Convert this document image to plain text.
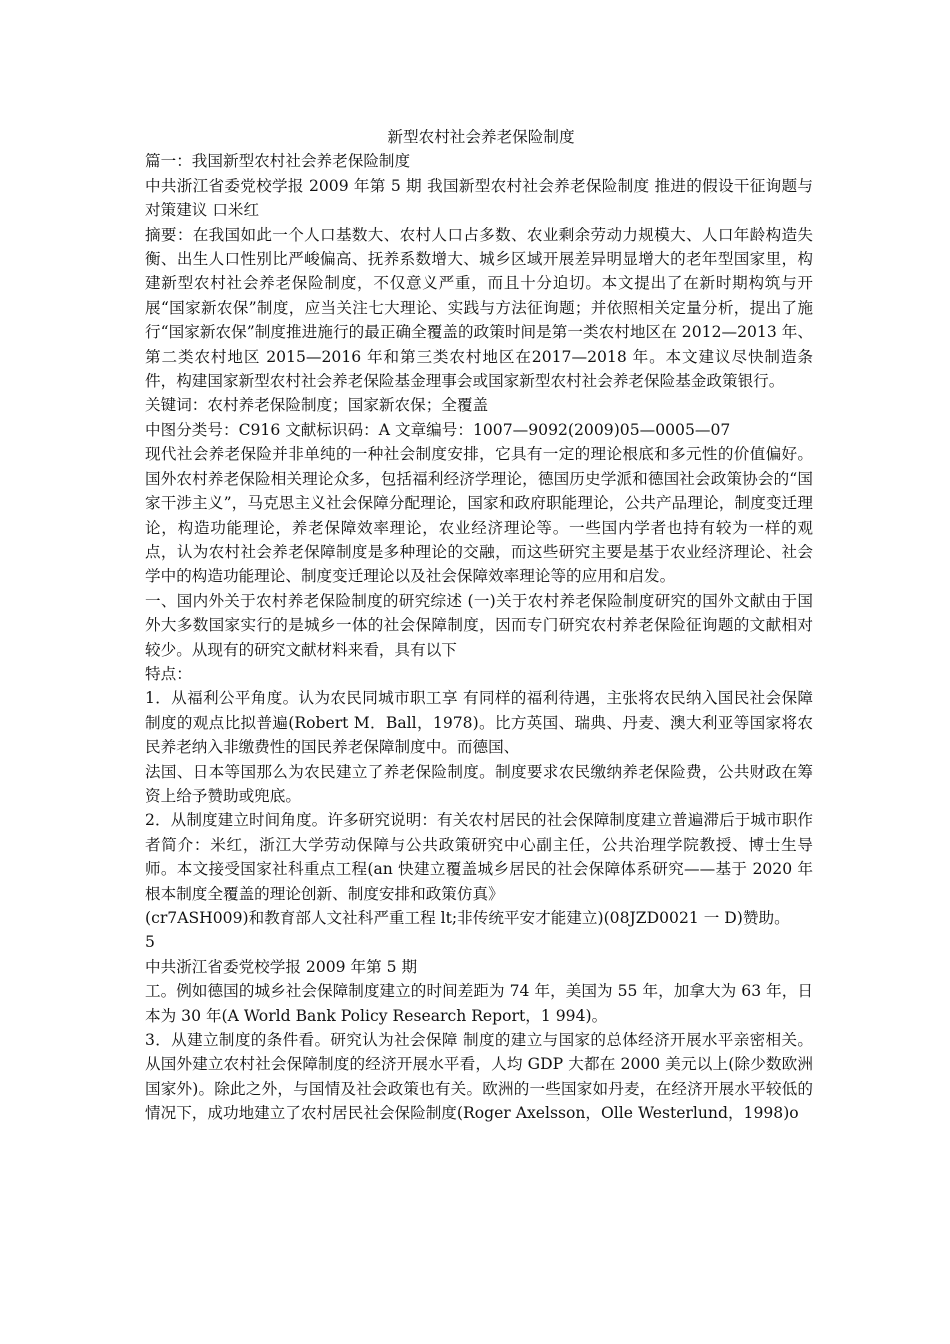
新型农村社会养老保险制度

篇一：我国新型农村社会养老保险制度

中共浙江省委党校学报 2009 年第 5 期 我国新型农村社会养老保险制度 推进的假设干征询题与对策建议 口米红

摘要：在我国如此一个人口基数大、农村人口占多数、农业剩余劳动力规模大、人口年龄构造失衡、出生人口性别比严峻偏高、抚养系数增大、城乡区域开展差异明显增大的老年型国家里，构建新型农村社会养老保险制度，不仅意义严重，而且十分迫切。本文提出了在新时期构筑与开展“国家新农保”制度，应当关注七大理论、实践与方法征询题；并依照相关定量分析，提出了施行“国家新农保”制度推进施行的最正确全覆盖的政策时间是第一类农村地区在 2012—2013 年、第二类农村地区 2015—2016 年和第三类农村地区在2017—2018 年。本文建议尽快制造条件，构建国家新型农村社会养老保险基金理事会或国家新型农村社会养老保险基金政策银行。

关键词：农村养老保险制度；国家新农保；全覆盖

中图分类号：C916 文献标识码：A 文章编号：1007—9092(2009)05—0005—07

现代社会养老保险并非单纯的一种社会制度安排，它具有一定的理论根底和多元性的价值偏好。国外农村养老保险相关理论众多，包括福利经济学理论，德国历史学派和德国社会政策协会的“国家干涉主义”，马克思主义社会保障分配理论，国家和政府职能理论，公共产品理论，制度变迁理论，构造功能理论，养老保障效率理论，农业经济理论等。一些国内学者也持有较为一样的观点，认为农村社会养老保障制度是多种理论的交融，而这些研究主要是基于农业经济理论、社会学中的构造功能理论、制度变迁理论以及社会保障效率理论等的应用和启发。

一、国内外关于农村养老保险制度的研究综述 (一)关于农村养老保险制度研究的国外文献由于国外大多数国家实行的是城乡一体的社会保障制度，因而专门研究农村养老保险征询题的文献相对较少。从现有的研究文献材料来看，具有以下

特点：

1．从福利公平角度。认为农民同城市职工享 有同样的福利待遇，主张将农民纳入国民社会保障制度的观点比拟普遍(Robert M．Ball，1978)。比方英国、瑞典、丹麦、澳大利亚等国家将农民养老纳入非缴费性的国民养老保障制度中。而德国、

法国、日本等国那么为农民建立了养老保险制度。制度要求农民缴纳养老保险费，公共财政在筹资上给予赞助或兜底。

2．从制度建立时间角度。许多研究说明：有关农村居民的社会保障制度建立普遍滞后于城市职作者简介：米红，浙江大学劳动保障与公共政策研究中心副主任，公共治理学院教授、博士生导师。本文接受国家社科重点工程(an 快建立覆盖城乡居民的社会保障体系研究——基于 2020 年根本制度全覆盖的理论创新、制度安排和政策仿真》

(cr7ASH009)和教育部人文社科严重工程 lt;非传统平安才能建立)(08JZD0021 一 D)赞助。

5

中共浙江省委党校学报 2009 年第 5 期

工。例如德国的城乡社会保障制度建立的时间差距为 74 年，美国为 55 年，加拿大为 63 年，日本为 30 年(A World Bank Policy Research Report，1 994)。

3．从建立制度的条件看。研究认为社会保障 制度的建立与国家的总体经济开展水平亲密相关。从国外建立农村社会保障制度的经济开展水平看，人均 GDP 大都在 2000 美元以上(除少数欧洲国家外)。除此之外，与国情及社会政策也有关。欧洲的一些国家如丹麦，在经济开展水平较低的情况下，成功地建立了农村居民社会保险制度(Roger Axelsson，Olle Westerlund，1998)o
